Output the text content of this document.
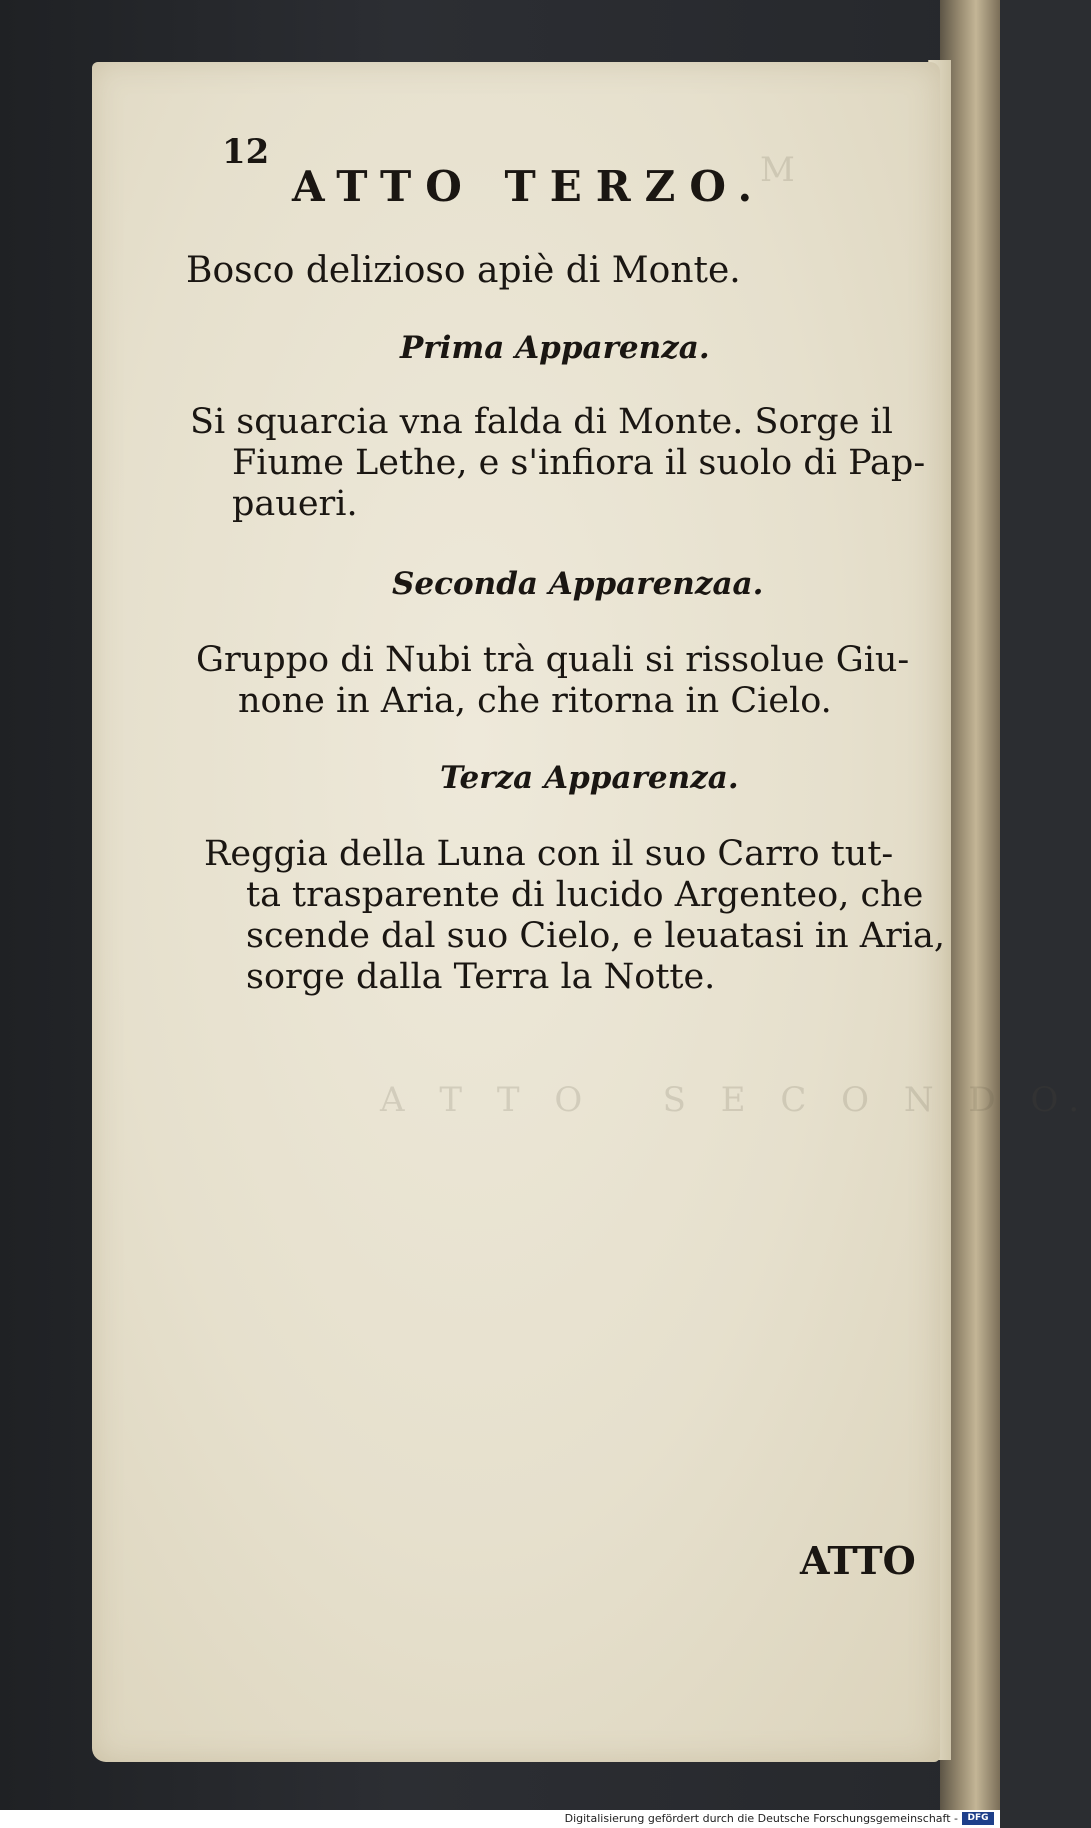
M
A T T O   S E C O N D O.
12
ATTO TERZO.
Bosco delizioso apiè di Monte.
Prima Apparenza.
Si squarcia vna falda di Monte. Sorge il
Fiume Lethe, e s'infiora il suolo di Pap-
paueri.
Seconda Apparenzaa.
Gruppo di Nubi trà quali si rissolue Giu-
none in Aria, che ritorna in Cielo.
Terza Apparenza.
Reggia della Luna con il suo Carro tut-
ta trasparente di lucido Argenteo, che
scende dal suo Cielo, e leuatasi in Aria,
sorge dalla Terra la Notte.
ATTO
Digitalisierung gefördert durch die Deutsche Forschungsgemeinschaft -	DFG
